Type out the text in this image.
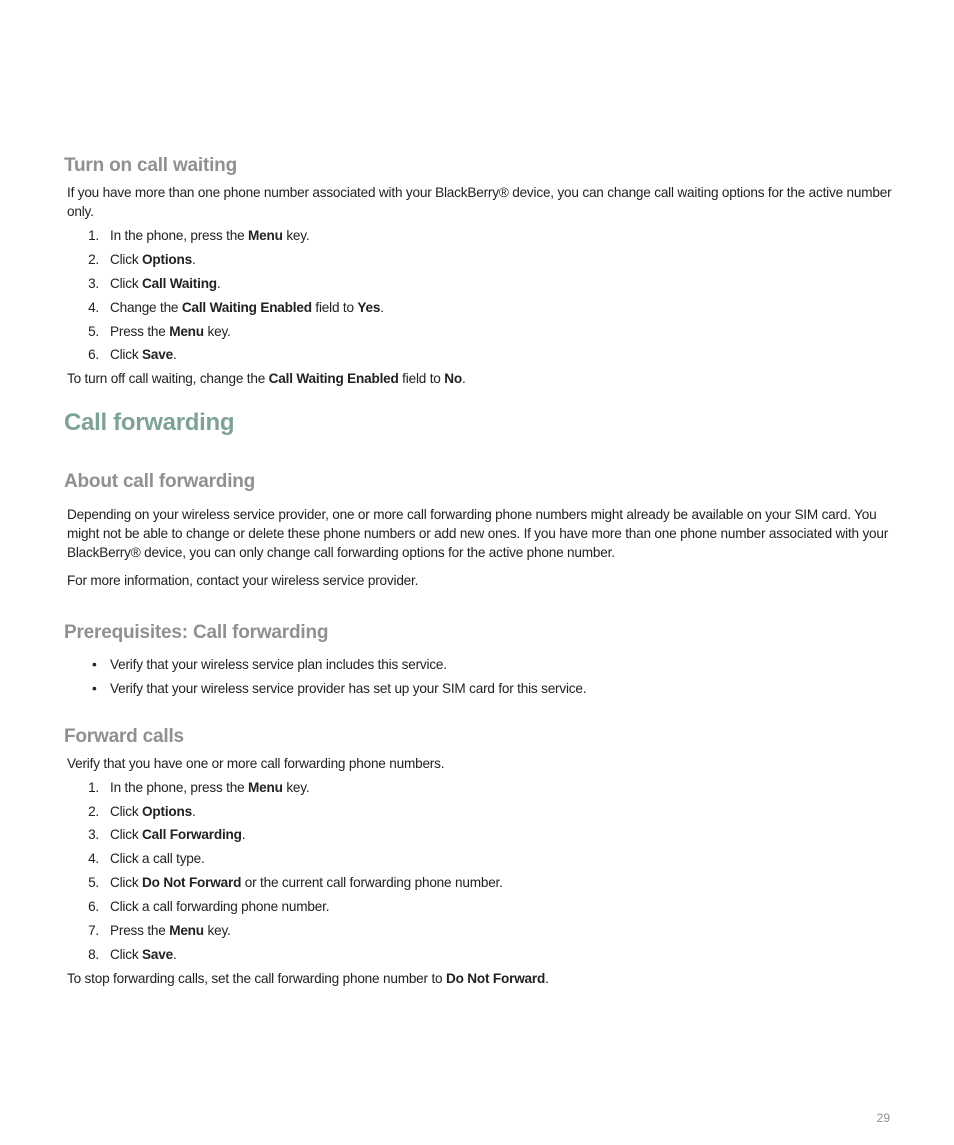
Turn on call waiting

If you have more than one phone number associated with your BlackBerry® device, you can change call waiting options for the active number only.

1. In the phone, press the Menu key.
2. Click Options.
3. Click Call Waiting.
4. Change the Call Waiting Enabled field to Yes.
5. Press the Menu key.
6. Click Save.

To turn off call waiting, change the Call Waiting Enabled field to No.

Call forwarding
About call forwarding

Depending on your wireless service provider, one or more call forwarding phone numbers might already be available on your SIM card. You might not be able to change or delete these phone numbers or add new ones. If you have more than one phone number associated with your BlackBerry® device, you can only change call forwarding options for the active phone number.

For more information, contact your wireless service provider.

Prerequisites: Call forwarding
• Verify that your wireless service plan includes this service.
• Verify that your wireless service provider has set up your SIM card for this service.
Forward calls

Verify that you have one or more call forwarding phone numbers.

1. In the phone, press the Menu key.
2. Click Options.
3. Click Call Forwarding.
4. Click a call type.
5. Click Do Not Forward or the current call forwarding phone number.
6. Click a call forwarding phone number.
7. Press the Menu key.
8. Click Save.

To stop forwarding calls, set the call forwarding phone number to Do Not Forward.

29
